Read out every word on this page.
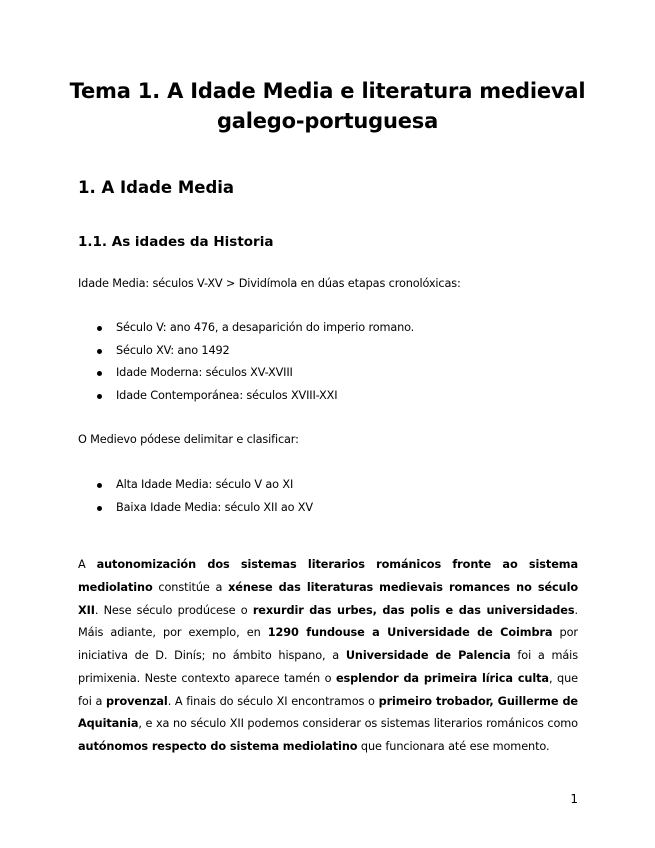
Tema 1. A Idade Media e literatura medieval
galego-portuguesa
1. A Idade Media
1.1. As idades da Historia

Idade Media: séculos V-XV > Dividímola en dúas etapas cronolóxicas:

Século V: ano 476, a desaparición do imperio romano.
Século XV: ano 1492
Idade Moderna: séculos XV-XVIII
Idade Contemporánea: séculos XVIII-XXI

O Medievo pódese delimitar e clasificar:

Alta Idade Media: século V ao XI
Baixa Idade Media: século XII ao XV

A autonomización dos sistemas literarios románicos fronte ao sistema mediolatino constitúe a xénese das literaturas medievais romances no século XII. Nese século prodúcese o rexurdir das urbes, das polis e das universidades. Máis adiante, por exemplo, en 1290 fundouse a Universidade de Coimbra por iniciativa de D. Dinís; no ámbito hispano, a Universidade de Palencia foi a máis primixenia. Neste contexto aparece tamén o esplendor da primeira lírica culta, que foi a provenzal. A finais do século XI encontramos o primeiro trobador, Guillerme de Aquitania, e xa no século XII podemos considerar os sistemas literarios románicos como autónomos respecto do sistema mediolatino que funcionara até ese momento.

1
